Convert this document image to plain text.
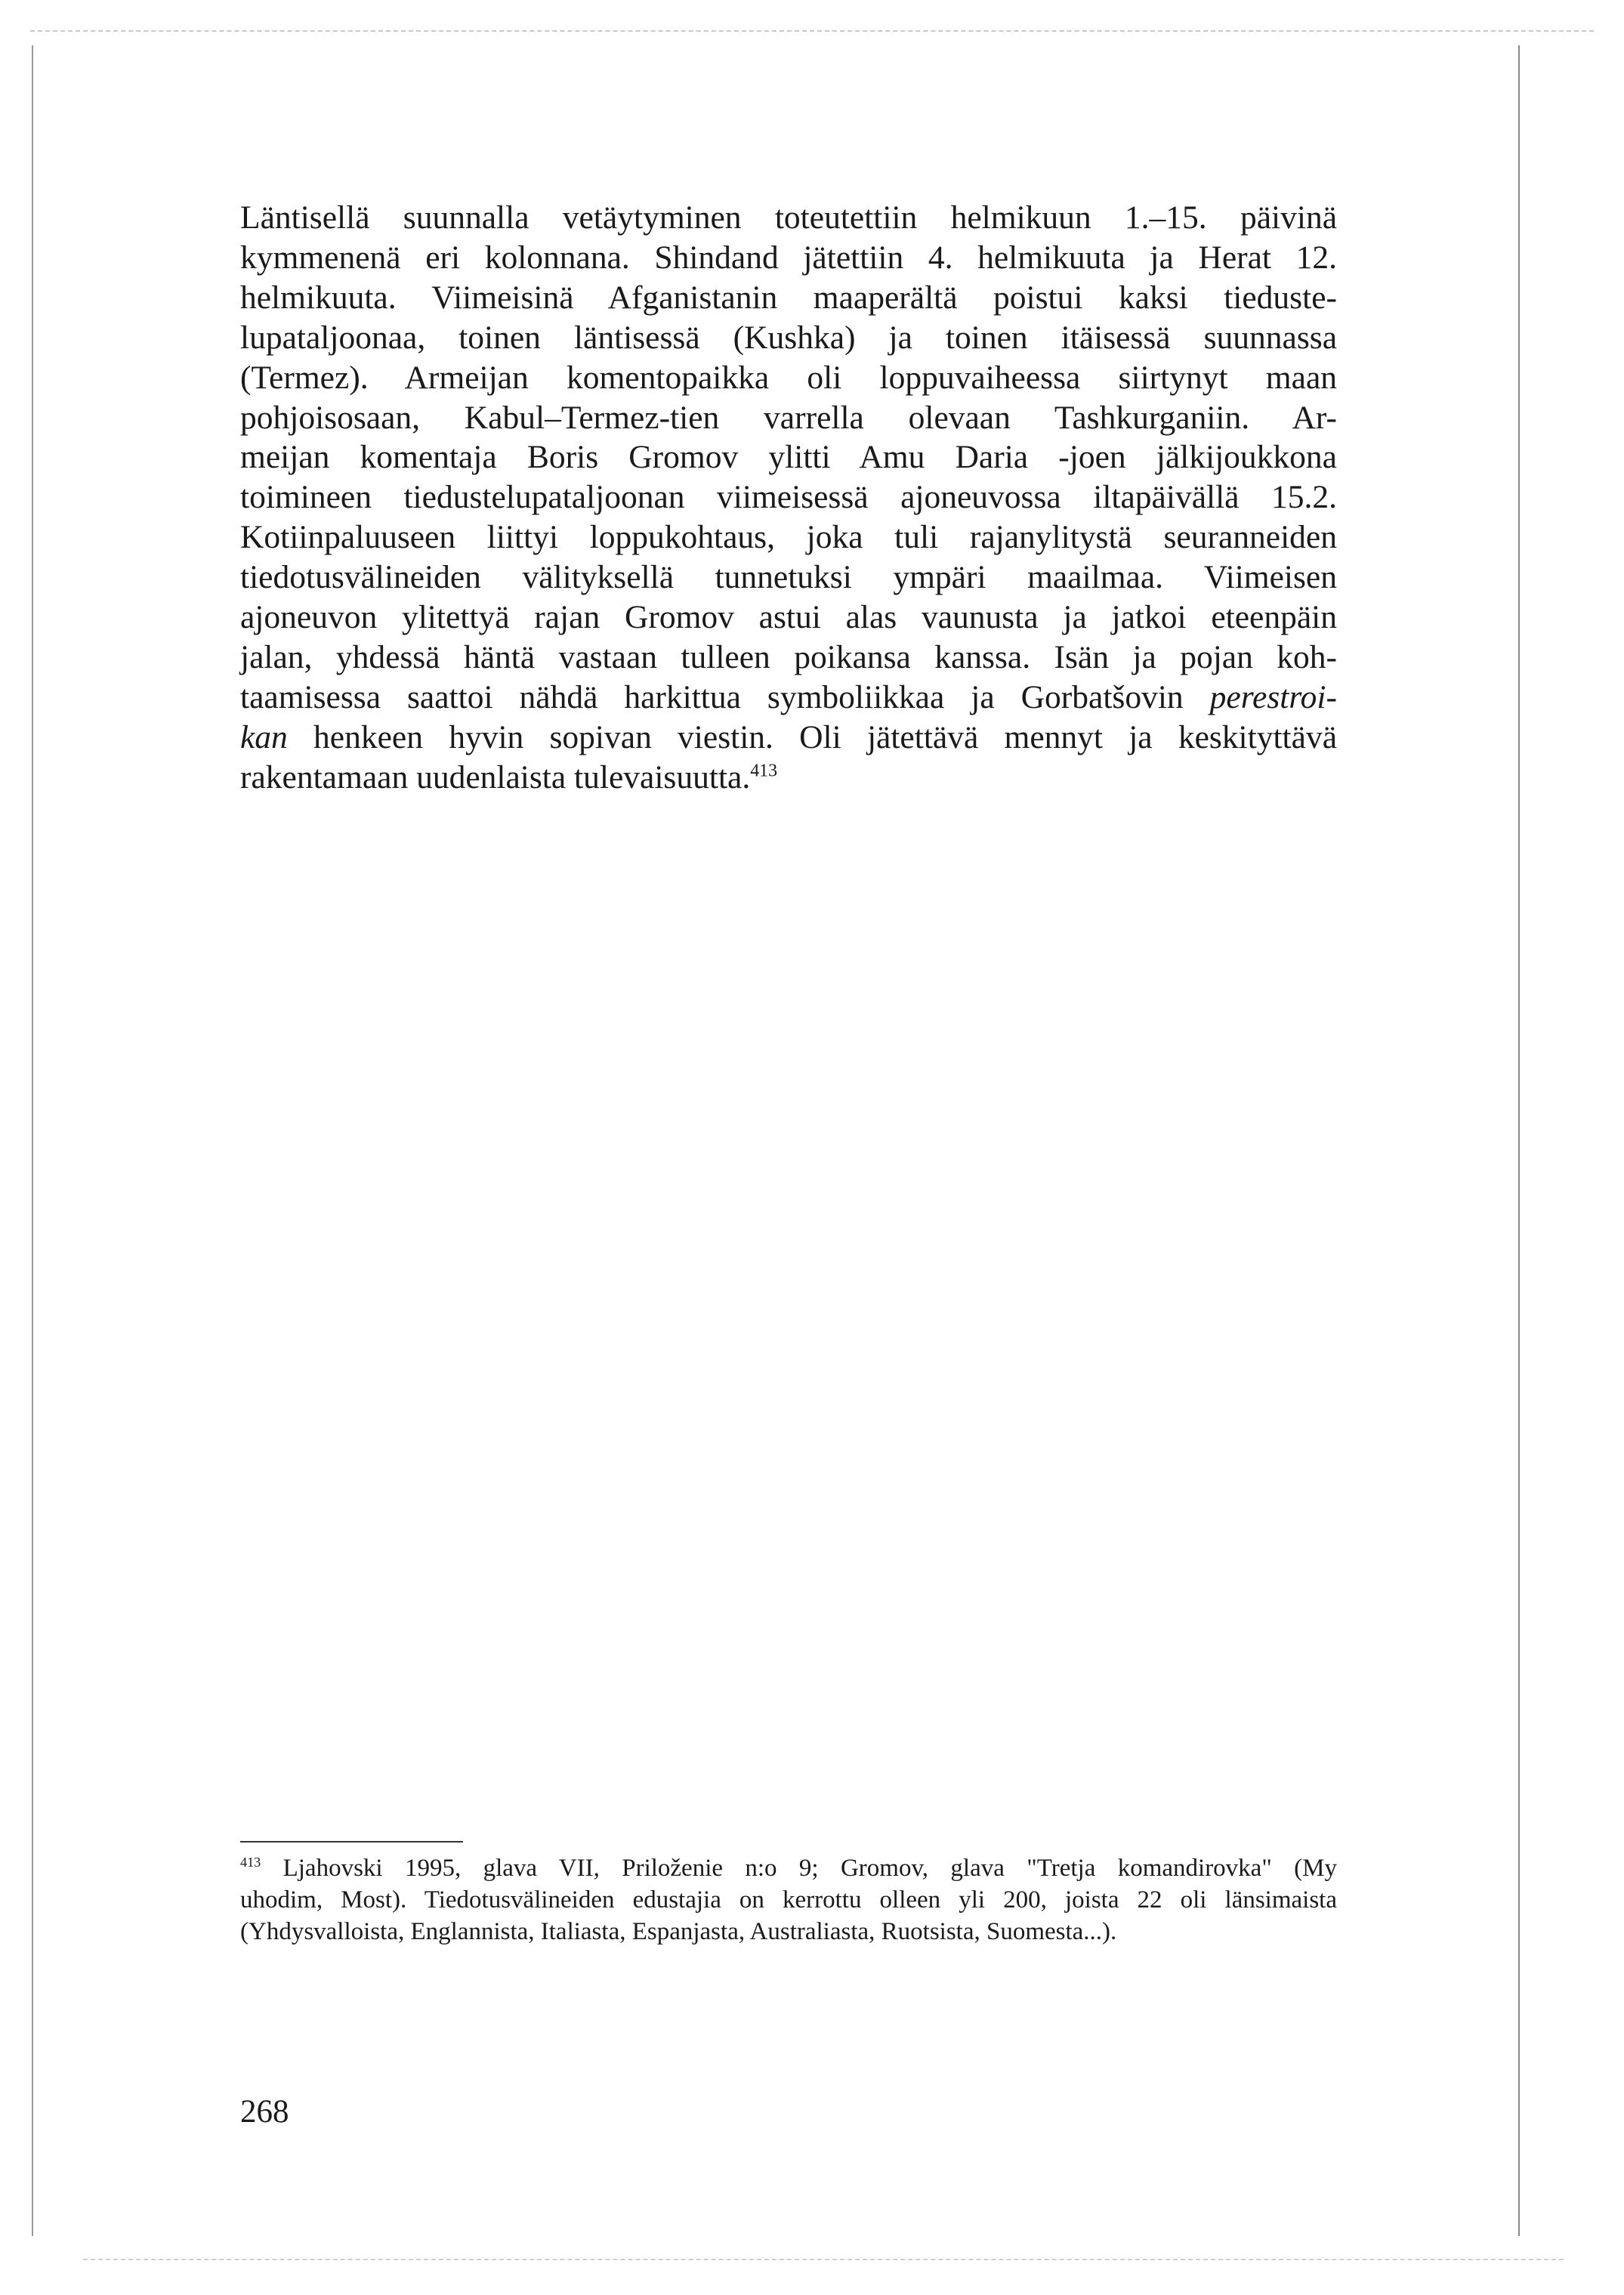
Läntisellä suunnalla vetäytyminen toteutettiin helmikuun 1.–15. päivinä
kymmenenä eri kolonnana. Shindand jätettiin 4. helmikuuta ja Herat 12.
helmikuuta. Viimeisinä Afganistanin maaperältä poistui kaksi tieduste-
lupataljoonaa, toinen läntisessä (Kushka) ja toinen itäisessä suunnassa
(Termez). Armeijan komentopaikka oli loppuvaiheessa siirtynyt maan
pohjoisosaan, Kabul–Termez-tien varrella olevaan Tashkurganiin. Ar-
meijan komentaja Boris Gromov ylitti Amu Daria -joen jälkijoukkona
toimineen tiedustelupataljoonan viimeisessä ajoneuvossa iltapäivällä 15.2.
Kotiinpaluuseen liittyi loppukohtaus, joka tuli rajanylitystä seuranneiden
tiedotusvälineiden välityksellä tunnetuksi ympäri maailmaa. Viimeisen
ajoneuvon ylitettyä rajan Gromov astui alas vaunusta ja jatkoi eteenpäin
jalan, yhdessä häntä vastaan tulleen poikansa kanssa. Isän ja pojan koh-
taamisessa saattoi nähdä harkittua symboliikkaa ja Gorbatšovin perestroi-
kan henkeen hyvin sopivan viestin. Oli jätettävä mennyt ja keskityttävä
rakentamaan uudenlaista tulevaisuutta.$^{413}$

$^{413}$ Ljahovski 1995, glava VII, Priloženie n:o 9; Gromov, glava "Tretja komandirovka" (My
uhodim, Most). Tiedotusvälineiden edustajia on kerrottu olleen yli 200, joista 22 oli länsimaista
(Yhdysvalloista, Englannista, Italiasta, Espanjasta, Australiasta, Ruotsista, Suomesta...).

268
